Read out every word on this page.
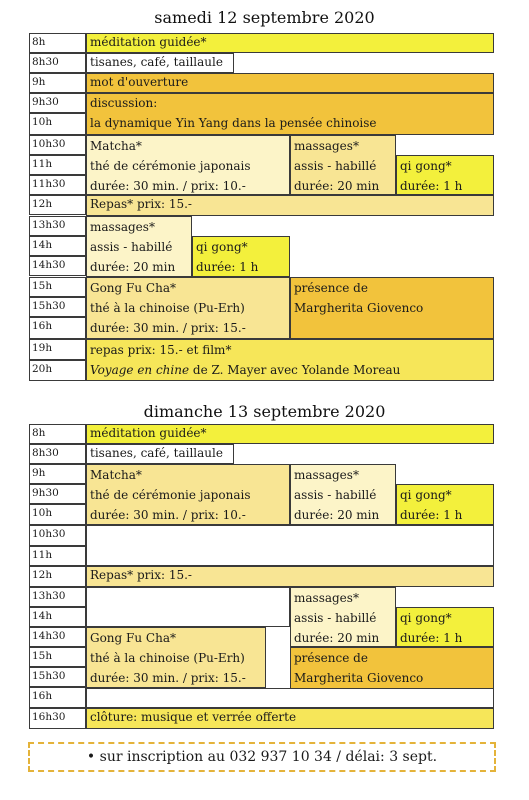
samedi 12 septembre 2020
8h
8h30
9h
9h30
10h
10h30
11h
11h30
12h
13h30
14h
14h30
15h
15h30
16h
19h
20h
méditation guidée*
tisanes, café, taillaule
mot d'ouverture
discussion:
la dynamique Yin Yang dans la pensée chinoise
Matcha*
thé de cérémonie japonais
durée: 30 min. / prix: 10.-
massages*
assis - habillé
durée: 20 min
qi gong*
durée: 1 h
Repas* prix: 15.-
massages*
assis - habillé
durée: 20 min
qi gong*
durée: 1 h
Gong Fu Cha*
thé à la chinoise (Pu-Erh)
durée: 30 min. / prix: 15.-
présence de
Margherita Giovenco
repas prix: 15.- et film*
Voyage en chine de Z. Mayer avec Yolande Moreau
dimanche 13 septembre 2020
8h
8h30
9h
9h30
10h
10h30
11h
12h
13h30
14h
14h30
15h
15h30
16h
16h30
méditation guidée*
tisanes, café, taillaule
Matcha*
thé de cérémonie japonais
durée: 30 min. / prix: 10.-
massages*
assis - habillé
durée: 20 min
qi gong*
durée: 1 h
Repas* prix: 15.-
massages*
assis - habillé
durée: 20 min
qi gong*
durée: 1 h
Gong Fu Cha*
thé à la chinoise (Pu-Erh)
durée: 30 min. / prix: 15.-
présence de
Margherita Giovenco
clôture: musique et verrée offerte
• sur inscription au 032 937 10 34 / délai: 3 sept.
